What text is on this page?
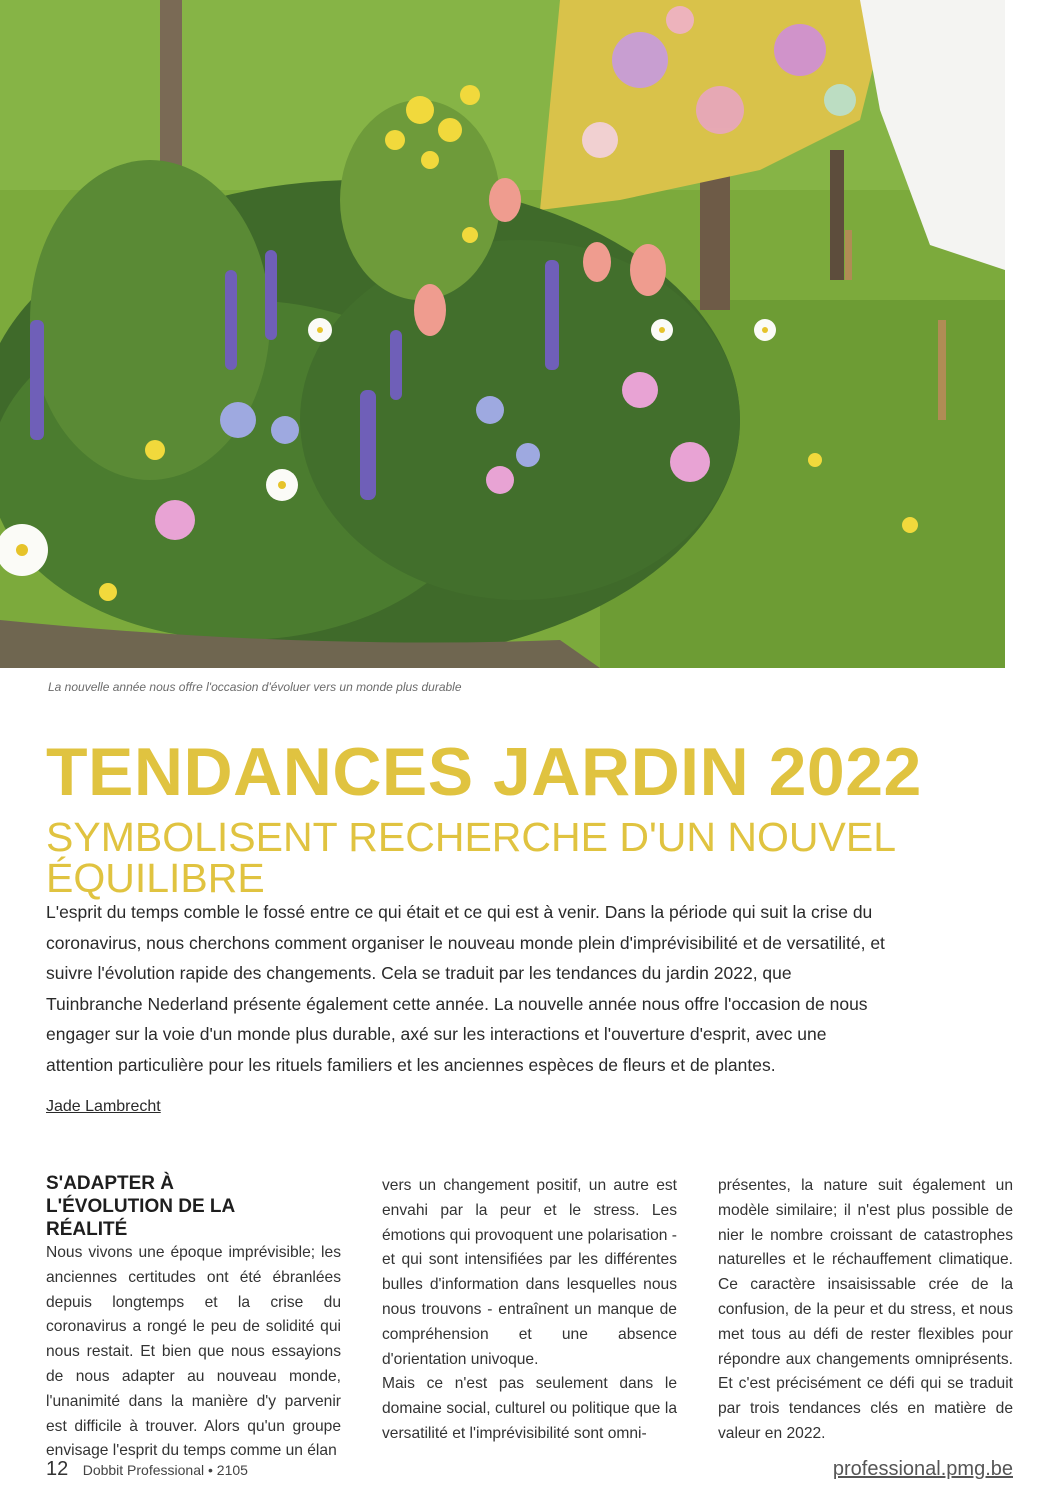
La nouvelle année nous offre l'occasion d'évoluer vers un monde plus durable
TENDANCES JARDIN 2022
SYMBOLISENT RECHERCHE D'UN NOUVEL ÉQUILIBRE

L'esprit du temps comble le fossé entre ce qui était et ce qui est à venir. Dans la période qui suit la crise du coronavirus, nous cherchons comment organiser le nouveau monde plein d'imprévisibilité et de versatilité, et suivre l'évolution rapide des changements. Cela se traduit par les tendances du jardin 2022, que Tuinbranche Nederland présente également cette année. La nouvelle année nous offre l'occasion de nous engager sur la voie d'un monde plus durable, axé sur les interactions et l'ouverture d'esprit, avec une attention particulière pour les rituels familiers et les anciennes espèces de fleurs et de plantes.

Jade Lambrecht
S'ADAPTER À L'ÉVOLUTION DE LA RÉALITÉ

Nous vivons une époque imprévisible; les anciennes certitudes ont été ébranlées depuis longtemps et la crise du coronavirus a rongé le peu de solidité qui nous restait. Et bien que nous essayions de nous adapter au nouveau monde, l'unanimité dans la manière d'y parvenir est difficile à trouver. Alors qu'un groupe envisage l'esprit du temps comme un élan

vers un changement positif, un autre est envahi par la peur et le stress. Les émotions qui provoquent une polarisation - et qui sont intensifiées par les différentes bulles d'information dans lesquelles nous nous trouvons - entraînent un manque de compréhension et une absence d'orientation univoque.

Mais ce n'est pas seulement dans le domaine social, culturel ou politique que la versatilité et l'imprévisibilité sont omni-

présentes, la nature suit également un modèle similaire; il n'est plus possible de nier le nombre croissant de catastrophes naturelles et le réchauffement climatique. Ce caractère insaisissable crée de la confusion, de la peur et du stress, et nous met tous au défi de rester flexibles pour répondre aux changements omniprésents. Et c'est précisément ce défi qui se traduit par trois tendances clés en matière de valeur en 2022.

12 Dobbit Professional • 2105	professional.pmg.be
